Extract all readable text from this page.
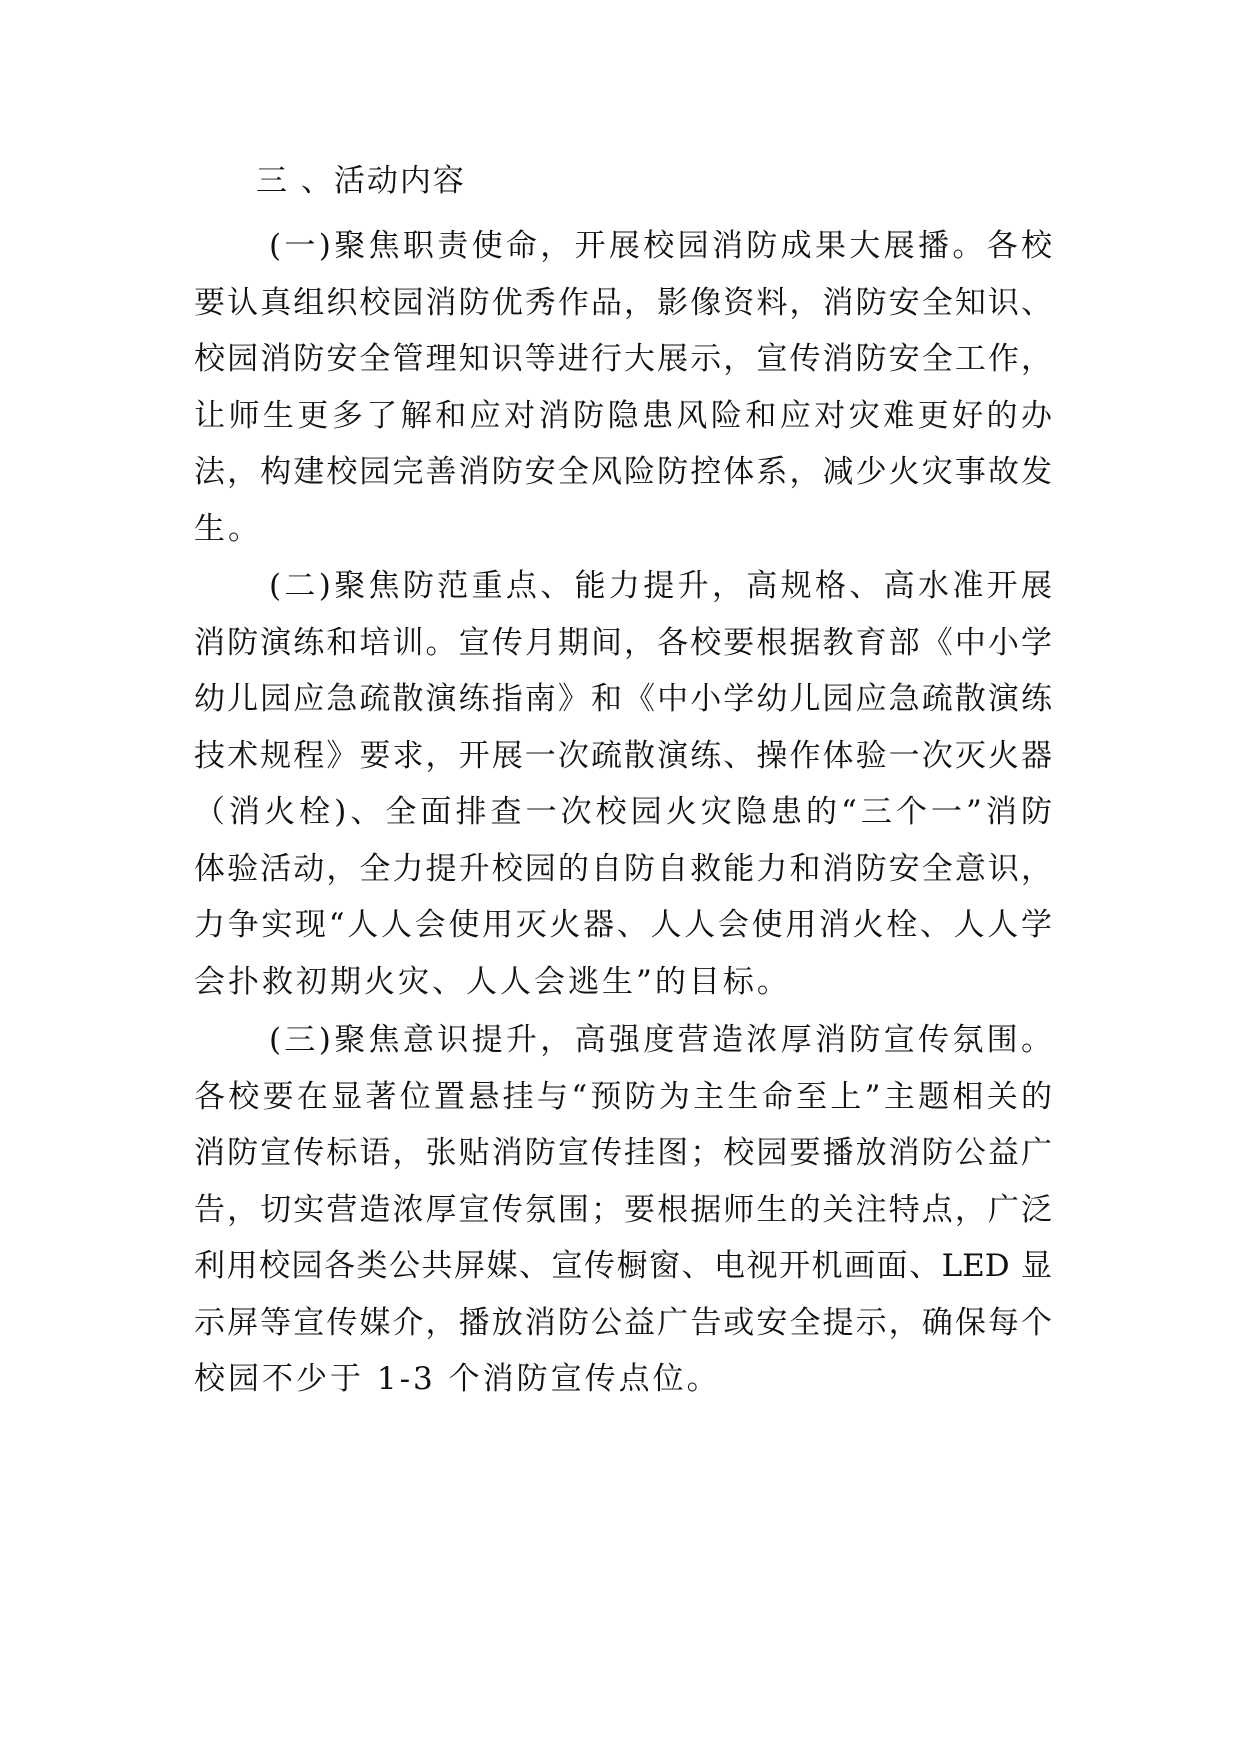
三 、活动内容
(一)聚焦职责使命，开展校园消防成果大展播。各校
要认真组织校园消防优秀作品，影像资料，消防安全知识、
校园消防安全管理知识等进行大展示，宣传消防安全工作，
让师生更多了解和应对消防隐患风险和应对灾难更好的办
法，构建校园完善消防安全风险防控体系，减少火灾事故发
生。
(二)聚焦防范重点、能力提升，高规格、高水准开展
消防演练和培训。宣传月期间，各校要根据教育部《中小学
幼儿园应急疏散演练指南》和《中小学幼儿园应急疏散演练
技术规程》要求，开展一次疏散演练、操作体验一次灭火器
（消火栓)、全面排查一次校园火灾隐患的“三个一”消防
体验活动，全力提升校园的自防自救能力和消防安全意识，
力争实现“人人会使用灭火器、人人会使用消火栓、人人学
会扑救初期火灾、人人会逃生”的目标。
(三)聚焦意识提升，高强度营造浓厚消防宣传氛围。
各校要在显著位置悬挂与“预防为主生命至上”主题相关的
消防宣传标语，张贴消防宣传挂图；校园要播放消防公益广
告，切实营造浓厚宣传氛围；要根据师生的关注特点，广泛
利用校园各类公共屏媒、宣传橱窗、电视开机画面、LED 显
示屏等宣传媒介，播放消防公益广告或安全提示，确保每个
校园不少于 1-3 个消防宣传点位。
